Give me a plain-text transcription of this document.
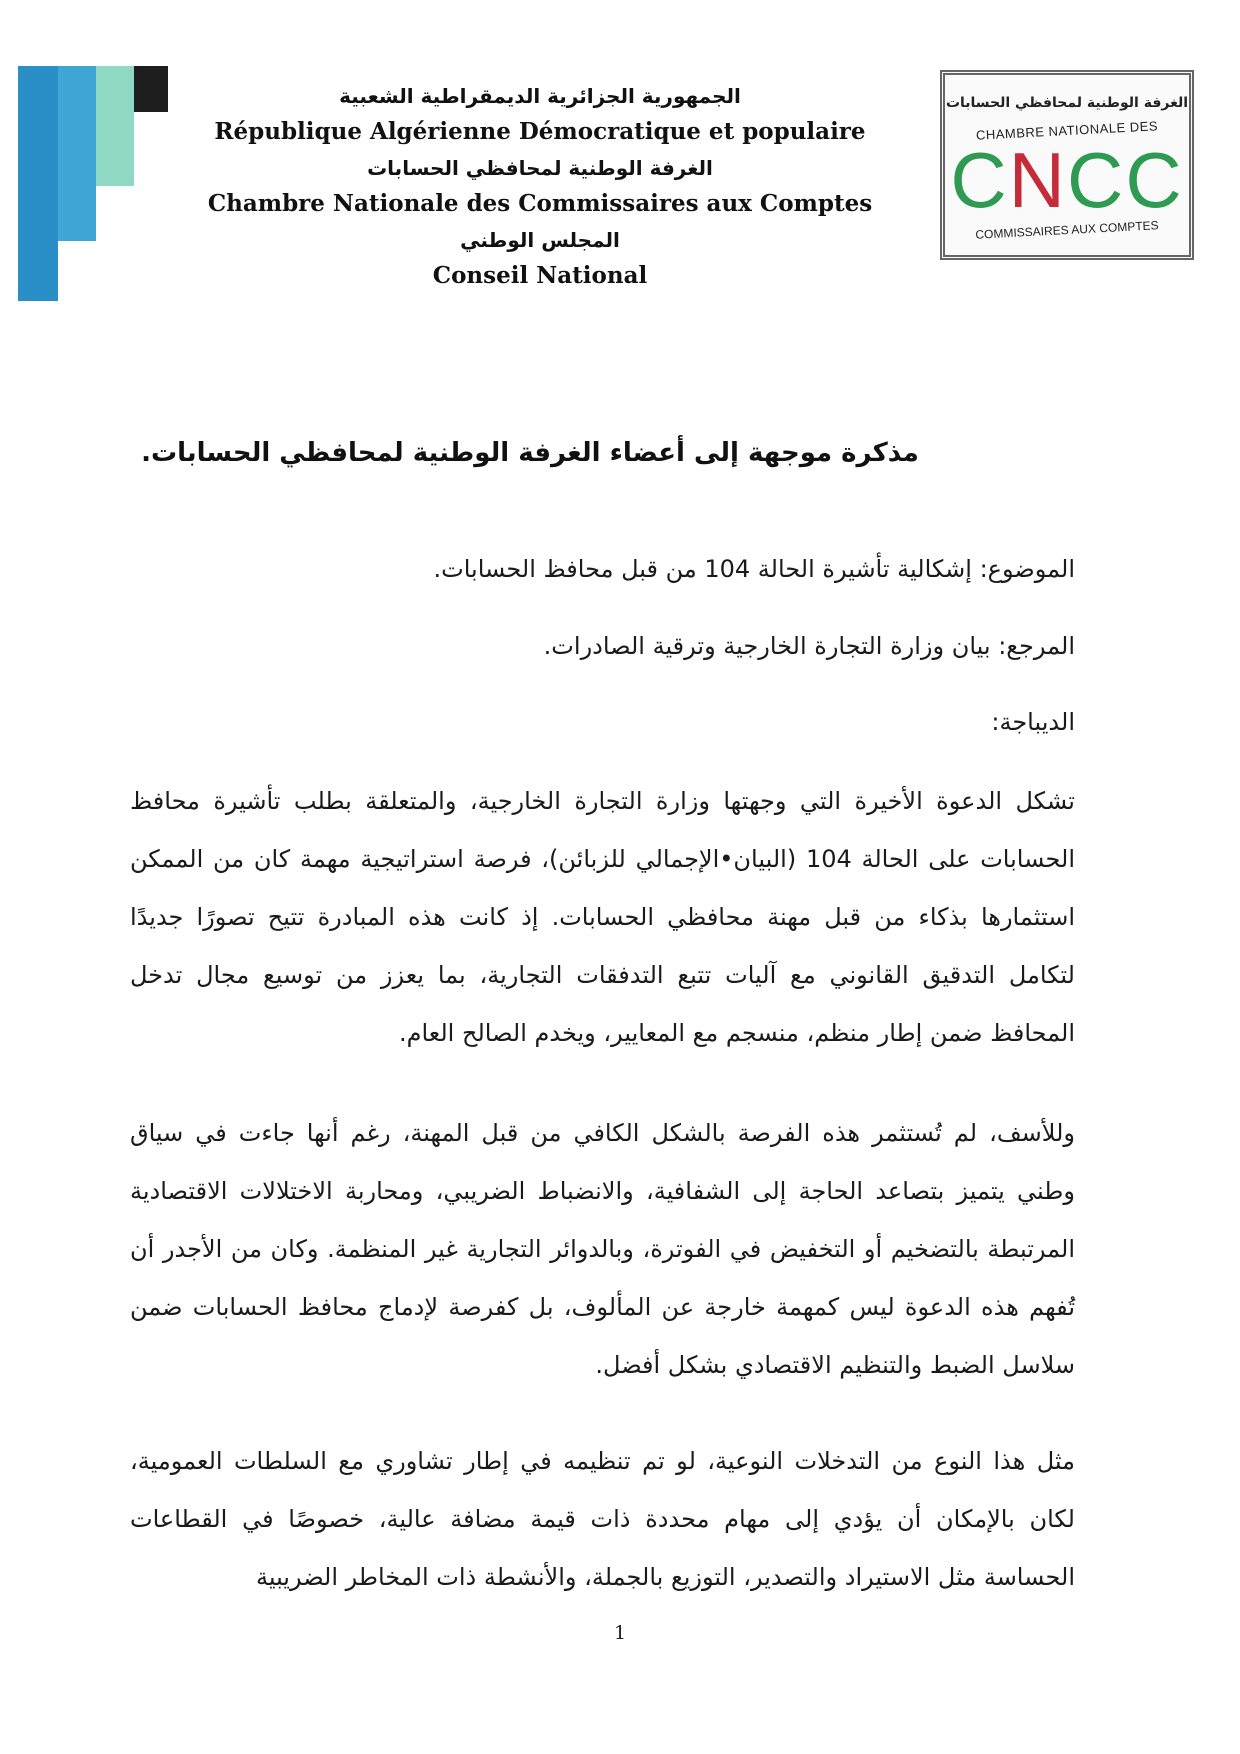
الجمهورية الجزائرية الديمقراطية الشعبية
République Algérienne Démocratique et populaire
الغرفة الوطنية لمحافظي الحسابات
Chambre Nationale des Commissaires aux Comptes
المجلس الوطني
Conseil National
الغرفة الوطنية لمحافظي الحسابات
CHAMBRE NATIONALE DES
CNCC
COMMISSAIRES AUX COMPTES
مذكرة موجهة إلى أعضاء الغرفة الوطنية لمحافظي الحسابات.
الموضوع: إشكالية تأشيرة الحالة 104 من قبل محافظ الحسابات.
المرجع: بيان وزارة التجارة الخارجية وترقية الصادرات.
الديباجة:

تشكل الدعوة الأخيرة التي وجهتها وزارة التجارة الخارجية، والمتعلقة بطلب تأشيرة محافظ الحسابات على الحالة 104 (البيان•الإجمالي للزبائن)، فرصة استراتيجية مهمة كان من الممكن استثمارها بذكاء من قبل مهنة محافظي الحسابات. إذ كانت هذه المبادرة تتيح تصورًا جديدًا لتكامل التدقيق القانوني مع آليات تتبع التدفقات التجارية، بما يعزز من توسيع مجال تدخل المحافظ ضمن إطار منظم، منسجم مع المعايير، ويخدم الصالح العام.

وللأسف، لم تُستثمر هذه الفرصة بالشكل الكافي من قبل المهنة، رغم أنها جاءت في سياق وطني يتميز بتصاعد الحاجة إلى الشفافية، والانضباط الضريبي، ومحاربة الاختلالات الاقتصادية المرتبطة بالتضخيم أو التخفيض في الفوترة، وبالدوائر التجارية غير المنظمة. وكان من الأجدر أن تُفهم هذه الدعوة ليس كمهمة خارجة عن المألوف، بل كفرصة لإدماج محافظ الحسابات ضمن سلاسل الضبط والتنظيم الاقتصادي بشكل أفضل.

مثل هذا النوع من التدخلات النوعية، لو تم تنظيمه في إطار تشاوري مع السلطات العمومية، لكان بالإمكان أن يؤدي إلى مهام محددة ذات قيمة مضافة عالية، خصوصًا في القطاعات الحساسة مثل الاستيراد والتصدير، التوزيع بالجملة، والأنشطة ذات المخاطر الضريبية

1
